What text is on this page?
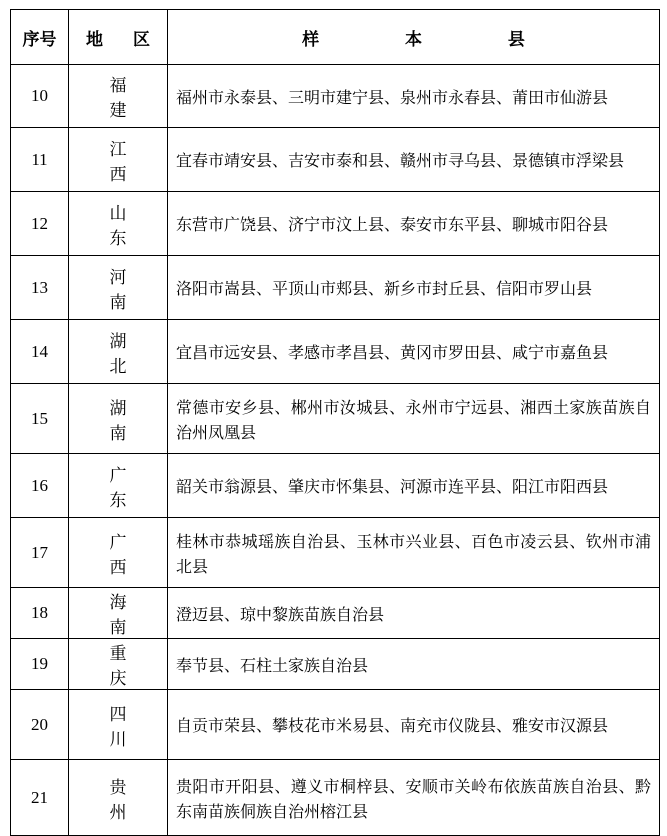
序号	地 区	样 本 县
10	福 建	福州市永泰县、三明市建宁县、泉州市永春县、莆田市仙游县
11	江 西	宜春市靖安县、吉安市泰和县、赣州市寻乌县、景德镇市浮梁县
12	山 东	东营市广饶县、济宁市汶上县、泰安市东平县、聊城市阳谷县
13	河 南	洛阳市嵩县、平顶山市郏县、新乡市封丘县、信阳市罗山县
14	湖 北	宜昌市远安县、孝感市孝昌县、黄冈市罗田县、咸宁市嘉鱼县
15	湖 南	常德市安乡县、郴州市汝城县、永州市宁远县、湘西土家族苗族自治州凤凰县
16	广 东	韶关市翁源县、肇庆市怀集县、河源市连平县、阳江市阳西县
17	广 西	桂林市恭城瑶族自治县、玉林市兴业县、百色市凌云县、钦州市浦北县
18	海 南	澄迈县、琼中黎族苗族自治县
19	重 庆	奉节县、石柱土家族自治县
20	四 川	自贡市荣县、攀枝花市米易县、南充市仪陇县、雅安市汉源县
21	贵 州	贵阳市开阳县、遵义市桐梓县、安顺市关岭布依族苗族自治县、黔东南苗族侗族自治州榕江县
